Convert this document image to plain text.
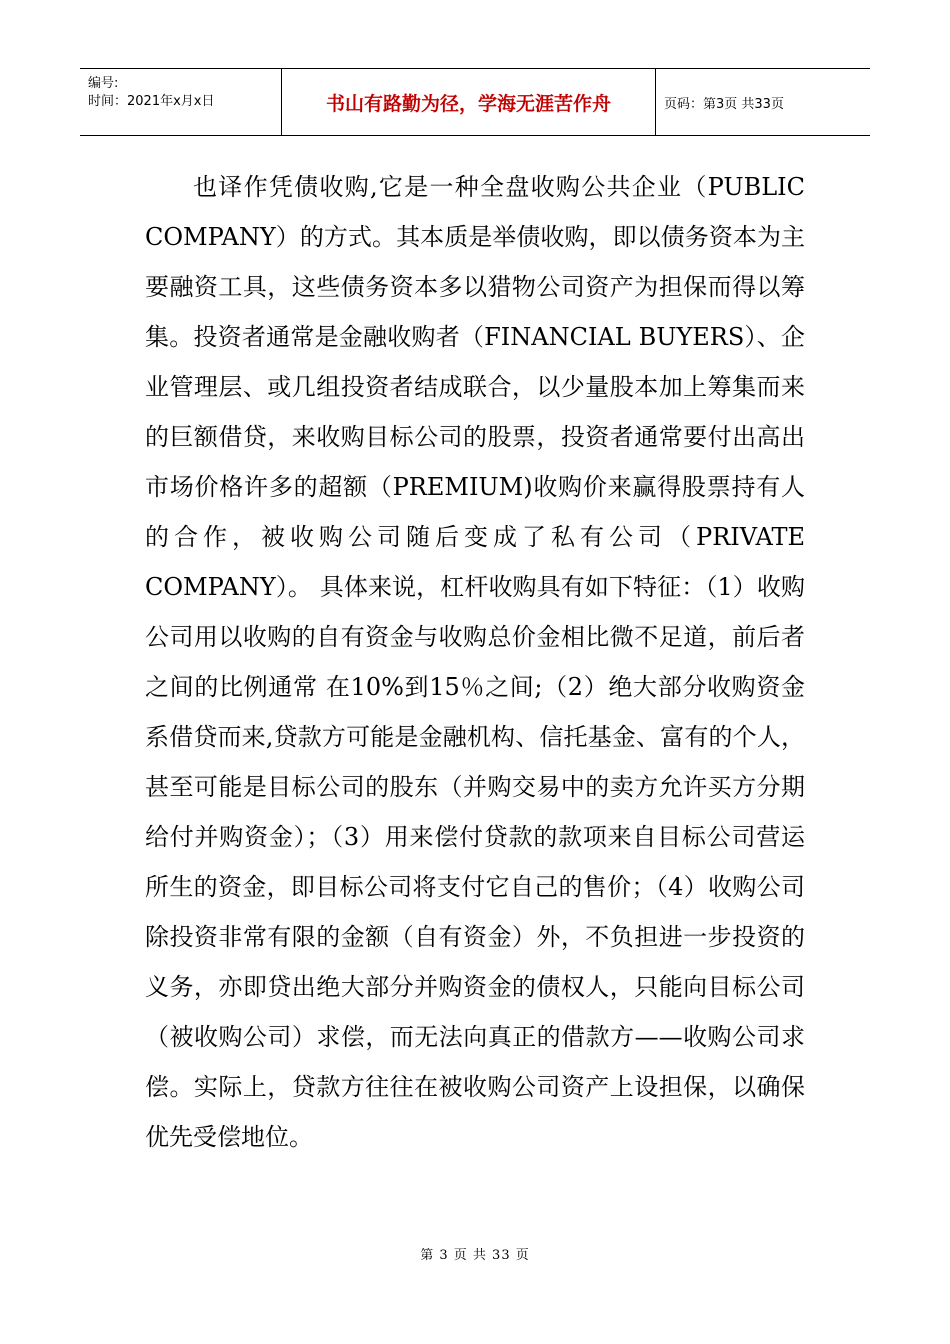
编号:
时间：2021年x月x日	书山有路勤为径，学海无涯苦作舟	页码：第3页 共33页

也译作凭债收购,它是一种全盘收购公共企业（PUBLIC COMPANY）的方式。其本质是举债收购，即以债务资本为主要融资工具，这些债务资本多以猎物公司资产为担保而得以筹集。投资者通常是金融收购者（FINANCIAL BUYERS）、企业管理层、或几组投资者结成联合，以少量股本加上筹集而来的巨额借贷，来收购目标公司的股票，投资者通常要付出高出市场价格许多的超额（PREMIUM)收购价来赢得股票持有人的合作，被收购公司随后变成了私有公司（PRIVATE COMPANY）。 具体来说，杠杆收购具有如下特征：（1）收购公司用以收购的自有资金与收购总价金相比微不足道，前后者之间的比例通常 在10%到15％之间;（2）绝大部分收购资金系借贷而来,贷款方可能是金融机构、信托基金、富有的个人，甚至可能是目标公司的股东（并购交易中的卖方允许买方分期给付并购资金）；（3）用来偿付贷款的款项来自目标公司营运所生的资金，即目标公司将支付它自己的售价；（4）收购公司除投资非常有限的金额（自有资金）外，不负担进一步投资的义务，亦即贷出绝大部分并购资金的债权人，只能向目标公司（被收购公司）求偿，而无法向真正的借款方——收购公司求偿。实际上，贷款方往往在被收购公司资产上设担保，以确保优先受偿地位。

第 3 页 共 33 页
